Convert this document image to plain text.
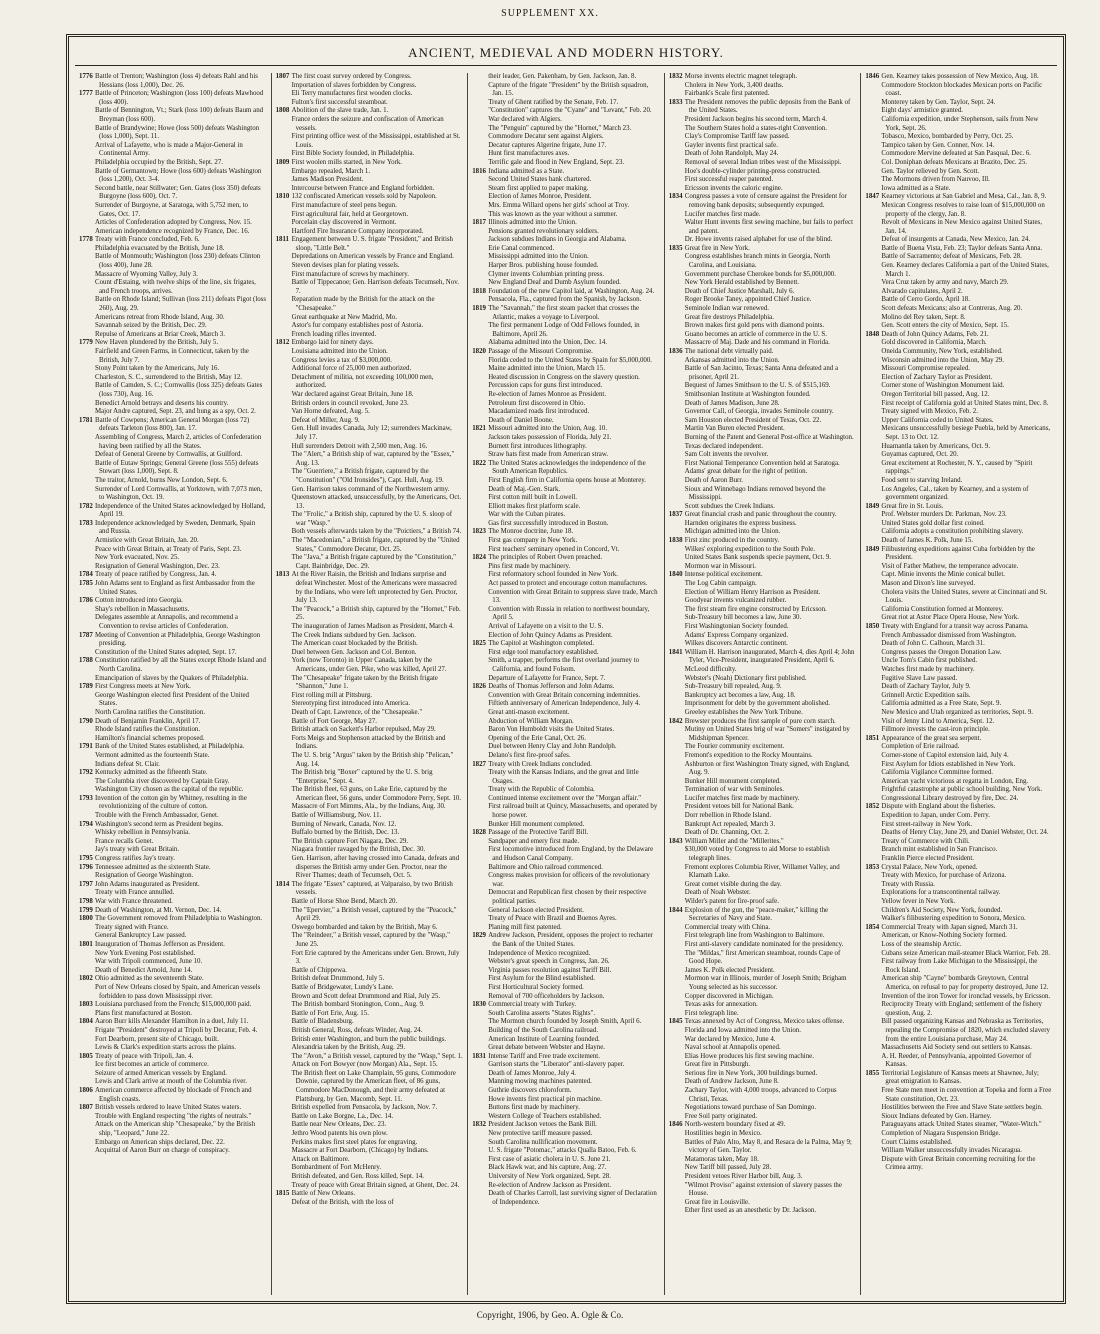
SUPPLEMENT XX.
ANCIENT, MEDIEVAL AND MODERN HISTORY.
1776 Battle of Trenton; Washington (loss 4) defeats Rahl and his Hessians (loss 1,000), Dec. 26.
1777 Battle of Princeton; Washington (loss 100) defeats Mawhood (loss 400).
Battle of Bennington, Vt.; Stark (loss 100) defeats Baum and Breyman (loss 600).
Battle of Brandywine; Howe (loss 500) defeats Washington (loss 1,000), Sept. 11.
Arrival of Lafayette, who is made a Major-General in Continental Army.
Philadelphia occupied by the British, Sept. 27.
Battle of Germantown; Howe (loss 600) defeats Washington (loss 1,200), Oct. 3-4.
Second battle, near Stillwater; Gen. Gates (loss 350) defeats Burgoyne (loss 600), Oct. 7.
Surrender of Burgoyne, at Saratoga, with 5,752 men, to Gates, Oct. 17.
Articles of Confederation adopted by Congress, Nov. 15.
American independence recognized by France, Dec. 16.
1778 Treaty with France concluded, Feb. 6.
Philadelphia evacuated by the British, June 18.
Battle of Monmouth; Washington (loss 230) defeats Clinton (loss 400), June 28.
Massacre of Wyoming Valley, July 3.
Count d'Estaing, with twelve ships of the line, six frigates, and French troops, arrives.
Battle on Rhode Island; Sullivan (loss 211) defeats Pigot (loss 260), Aug. 29.
Americans retreat from Rhode Island, Aug. 30.
Savannah seized by the British, Dec. 29.
Repulse of Americans at Briar Creek, March 3.
1779 New Haven plundered by the British, July 5.
Fairfield and Green Farms, in Connecticut, taken by the British, July 7.
Stony Point taken by the Americans, July 16.
Charleston, S. C., surrendered to the British, May 12.
Battle of Camden, S. C.; Cornwallis (loss 325) defeats Gates (loss 730), Aug. 16.
Benedict Arnold betrays and deserts his country.
Major Andre captured, Sept. 23, and hung as a spy, Oct. 2.
1781 Battle of Cowpens; American General Morgan (loss 72) defeats Tarleton (loss 800), Jan. 17.
Assembling of Congress, March 2, articles of Confederation having been ratified by all the States.
Defeat of General Greene by Cornwallis, at Guilford.
Battle of Eutaw Springs; General Greene (loss 555) defeats Stewart (loss 1,000), Sept. 8.
The traitor, Arnold, burns New London, Sept. 6.
Surrender of Lord Cornwallis, at Yorktown, with 7,073 men, to Washington, Oct. 19.
1782 Independence of the United States acknowledged by Holland, April 19.
1783 Independence acknowledged by Sweden, Denmark, Spain and Russia.
Armistice with Great Britain, Jan. 20.
Peace with Great Britain, at Treaty of Paris, Sept. 23.
New York evacuated, Nov. 25.
Resignation of General Washington, Dec. 23.
1784 Treaty of peace ratified by Congress, Jan. 4.
1785 John Adams sent to England as first Ambassador from the United States.
1786 Cotton introduced into Georgia.
Shay's rebellion in Massachusetts.
Delegates assemble at Annapolis, and recommend a Convention to revise articles of Confederation.
1787 Meeting of Convention at Philadelphia, George Washington presiding.
Constitution of the United States adopted, Sept. 17.
1788 Constitution ratified by all the States except Rhode Island and North Carolina.
Emancipation of slaves by the Quakers of Philadelphia.
1789 First Congress meets at New York.
George Washington elected first President of the United States.
North Carolina ratifies the Constitution.
1790 Death of Benjamin Franklin, April 17.
Rhode Island ratifies the Constitution.
Hamilton's financial schemes proposed.
1791 Bank of the United States established, at Philadelphia.
Vermont admitted as the fourteenth State.
Indians defeat St. Clair.
1792 Kentucky admitted as the fifteenth State.
The Columbia river discovered by Captain Gray.
Washington City chosen as the capital of the republic.
1793 Invention of the cotton gin by Whitney, resulting in the revolutionizing of the culture of cotton.
Trouble with the French Ambassador, Genet.
1794 Washington's second term as President begins.
Whisky rebellion in Pennsylvania.
France recalls Genet.
Jay's treaty with Great Britain.
1795 Congress ratifies Jay's treaty.
1796 Tennessee admitted as the sixteenth State.
Resignation of George Washington.
1797 John Adams inaugurated as President.
Treaty with France annulled.
1798 War with France threatened.
1799 Death of Washington, at Mt. Vernon, Dec. 14.
1800 The Government removed from Philadelphia to Washington.
Treaty signed with France.
General Bankruptcy Law passed.
1801 Inauguration of Thomas Jefferson as President.
New York Evening Post established.
War with Tripoli commenced, June 10.
Death of Benedict Arnold, June 14.
1802 Ohio admitted as the seventeenth State.
Port of New Orleans closed by Spain, and American vessels forbidden to pass down Mississippi river.
1803 Louisiana purchased from the French; $15,000,000 paid.
Plans first manufactured at Boston.
1804 Aaron Burr kills Alexander Hamilton in a duel, July 11.
Frigate "President" destroyed at Tripoli by Decatur, Feb. 4.
Fort Dearborn, present site of Chicago, built.
Lewis & Clark's expedition starts across the plains.
1805 Treaty of peace with Tripoli, Jan. 4.
Ice first becomes an article of commerce.
Seizure of armed American vessels by England.
Lewis and Clark arrive at mouth of the Columbia river.
1806 American commerce affected by blockade of French and English coasts.
1807 British vessels ordered to leave United States waters.
Trouble with England respecting "the rights of neutrals."
Attack on the American ship "Chesapeake," by the British ship, "Leopard," June 22.
Embargo on American ships declared, Dec. 22.
Acquittal of Aaron Burr on charge of conspiracy.
1807 The first coast survey ordered by Congress.
Importation of slaves forbidden by Congress.
Eli Terry manufactures first wooden clocks.
Fulton's first successful steamboat.
1808 Abolition of the slave trade, Jan. 1.
France orders the seizure and confiscation of American vessels.
First printing office west of the Mississippi, established at St. Louis.
First Bible Society founded, in Philadelphia.
1809 First woolen mills started, in New York.
Embargo repealed, March 1.
James Madison President.
Intercourse between France and England forbidden.
1810 132 confiscated American vessels sold by Napoleon.
First manufacture of steel pens begun.
First agricultural fair, held at Georgetown.
Porcelain clay discovered in Vermont.
Hartford Fire Insurance Company incorporated.
1811 Engagement between U. S. frigate "President," and British sloop, "Little Belt."
Depredations on American vessels by France and England.
Steven devises plan for plating vessels.
First manufacture of screws by machinery.
Battle of Tippecanoe; Gen. Harrison defeats Tecumseh, Nov. 7.
Reparation made by the British for the attack on the "Chesapeake."
Great earthquake at New Madrid, Mo.
Astor's fur company establishes post of Astoria.
French loading rifles invented.
1812 Embargo laid for ninety days.
Louisiana admitted into the Union.
Congress levies a tax of $3,000,000.
Additional force of 25,000 men authorized.
Detachment of militia, not exceeding 100,000 men, authorized.
War declared against Great Britain, June 18.
British orders in council revoked, June 23.
Van Horne defeated, Aug. 5.
Defeat of Miller, Aug. 9.
Gen. Hull invades Canada, July 12; surrenders Mackinaw, July 17.
Hull surrenders Detroit with 2,500 men, Aug. 16.
The "Alert," a British ship of war, captured by the "Essex," Aug. 13.
The "Guerriere," a British frigate, captured by the "Constitution" ("Old Ironsides"), Capt. Hull, Aug. 19.
Gen. Harrison takes command of the Northwestern army.
Queenstown attacked, unsuccessfully, by the Americans, Oct. 13.
The "Frolic," a British ship, captured by the U. S. sloop of war "Wasp."
Both vessels afterwards taken by the "Poictiers," a British 74.
The "Macedonian," a British frigate, captured by the "United States," Commodore Decatur, Oct. 25.
The "Java," a British frigate captured by the "Constitution," Capt. Bainbridge, Dec. 29.
1813 At the River Raisin, the British and Indians surprise and defeat Winchester. Most of the Americans were massacred by the Indians, who were left unprotected by Gen. Proctor, July 13.
The "Peacock," a British ship, captured by the "Hornet," Feb. 25.
The inauguration of James Madison as President, March 4.
The Creek Indians subdued by Gen. Jackson.
The American coast blockaded by the British.
Duel between Gen. Jackson and Col. Benton.
York (now Toronto) in Upper Canada, taken by the Americans, under Gen. Pike, who was killed, April 27.
The "Chesapeake" frigate taken by the British frigate "Shannon," June 1.
First rolling mill at Pittsburg.
Stereotyping first introduced into America.
Death of Capt. Lawrence, of the "Chesapeake."
Battle of Fort George, May 27.
British attack on Sackett's Harbor repulsed, May 29.
Forts Meigs and Stephenson attacked by the British and Indians.
The U. S. brig "Argus" taken by the British ship "Pelican," Aug. 14.
The British brig "Boxer" captured by the U. S. brig "Enterprise," Sept. 4.
The British fleet, 63 guns, on Lake Erie, captured by the American fleet, 56 guns, under Commodore Perry, Sept. 10.
Massacre of Fort Mimms, Ala., by the Indians, Aug. 30.
Battle of Williamsburg, Nov. 11.
Burning of Newark, Canada, Nov. 12.
Buffalo burned by the British, Dec. 13.
The British capture Fort Niagara, Dec. 29.
Niagara frontier ravaged by the British, Dec. 30.
Gen. Harrison, after having crossed into Canada, defeats and disperses the British army under Gen. Proctor, near the River Thames; death of Tecumseh, Oct. 5.
1814 The frigate "Essex" captured, at Valparaiso, by two British vessels.
Battle of Horse Shoe Bend, March 20.
The "Epervier," a British vessel, captured by the "Peacock," April 29.
Oswego bombarded and taken by the British, May 6.
The "Reindeer," a British vessel, captured by the "Wasp," June 25.
Fort Erie captured by the Americans under Gen. Brown, July 3.
Battle of Chippewa.
British defeat Drummond, July 5.
Battle of Bridgewater, Lundy's Lane.
Brown and Scott defeat Drummond and Rial, July 25.
The British bombard Stonington, Conn., Aug. 9.
Battle of Fort Erie, Aug. 15.
Battle of Bladensburg.
British General, Ross, defeats Winder, Aug. 24.
British enter Washington, and burn the public buildings.
Alexandria taken by the British, Aug. 29.
The "Avon," a British vessel, captured by the "Wasp," Sept. 1.
Attack on Fort Bowyer (now Morgan) Ala., Sept. 15.
The British fleet on Lake Champlain, 95 guns, Commodore Downie, captured by the American fleet, of 86 guns, Commodore MacDonough, and their army defeated at Plattsburg, by Gen. Macomb, Sept. 11.
British expelled from Pensacola, by Jackson, Nov. 7.
Battle on Lake Borgne, La., Dec. 14.
Battle near New Orleans, Dec. 23.
Jethro Wood patents his own plow.
Perkins makes first steel plates for engraving.
Massacre at Fort Dearborn, (Chicago) by Indians.
Attack on Baltimore.
Bombardment of Fort McHenry.
British defeated, and Gen. Ross killed, Sept. 14.
Treaty of peace with Great Britain signed, at Ghent, Dec. 24.
1815 Battle of New Orleans.
Defeat of the British, with the loss of
their leader, Gen. Pakenham, by Gen. Jackson, Jan. 8.
Capture of the frigate "President" by the British squadron, Jan. 15.
Treaty of Ghent ratified by the Senate, Feb. 17.
"Constitution" captures the "Cyane" and "Levant," Feb. 20.
War declared with Algiers.
The "Penguin" captured by the "Hornet," March 23.
Commodore Decatur sent against Algiers.
Decatur captures Algerine frigate, June 17.
Hunt first manufactures axes.
Terrific gale and flood in New England, Sept. 23.
1816 Indiana admitted as a State.
Second United States bank chartered.
Steam first applied to paper making.
Election of James Monroe, President.
Mrs. Emma Willard opens her girls' school at Troy.
This was known as the year without a summer.
1817 Illinois admitted into the Union.
Pensions granted revolutionary soldiers.
Jackson subdues Indians in Georgia and Alabama.
Erie Canal commenced.
Mississippi admitted into the Union.
Harper Bros. publishing house founded.
Clymer invents Columbian printing press.
New England Deaf and Dumb Asylum founded.
1818 Foundation of the new Capitol laid, at Washington, Aug. 24.
Pensacola, Fla., captured from the Spanish, by Jackson.
1819 The "Savannah," the first steam packet that crosses the Atlantic, makes a voyage to Liverpool.
The first permanent Lodge of Odd Fellows founded, in Baltimore, April 26.
Alabama admitted into the Union, Dec. 14.
1820 Passage of the Missouri Compromise.
Florida ceded to the United States by Spain for $5,000,000.
Maine admitted into the Union, March 15.
Heated discussion in Congress on the slavery question.
Percussion caps for guns first introduced.
Re-election of James Monroe as President.
Petroleum first discovered in Ohio.
Macadamized roads first introduced.
Death of Daniel Boone.
1821 Missouri admitted into the Union, Aug. 10.
Jackson takes possession of Florida, July 21.
Burnett first introduces lithography.
Straw hats first made from American straw.
1822 The United States acknowledges the independence of the South American Republics.
First English firm in California opens house at Monterey.
Death of Maj.-Gen. Stark.
First cotton mill built in Lowell.
Elliott makes first platform scale.
War with the Cuban pirates.
Gas first successfully introduced in Boston.
1823 The Monroe doctrine, June 18.
First gas company in New York.
First teachers' seminary opened in Concord, Vt.
1824 The principles of Robert Owen preached.
Pins first made by machinery.
First reformatory school founded in New York.
Act passed to protect and encourage cotton manufactures.
Convention with Great Britain to suppress slave trade, March 13.
Convention with Russia in relation to northwest boundary, April 5.
Arrival of Lafayette on a visit to the U. S.
Election of John Quincy Adams as President.
1825 The Capitol at Washington completed.
First edge tool manufactory established.
Smith, a trapper, performs the first overland journey to California, and found Folsom.
Departure of Lafayette for France, Sept. 7.
1826 Deaths of Thomas Jefferson and John Adams.
Convention with Great Britain concerning indemnities.
Fiftieth anniversary of American Independence, July 4.
Great anti-mason excitement.
Abduction of William Morgan.
Baron Von Humboldt visits the United States.
Opening of the Erie Canal, Oct. 26.
Duel between Henry Clay and John Randolph.
Delano's first fire-proof safes.
1827 Treaty with Creek Indians concluded.
Treaty with the Kansas Indians, and the great and little Osages.
Treaty with the Republic of Colombia.
Continued intense excitement over the "Morgan affair."
First railroad built at Quincy, Massachusetts, and operated by horse power.
Bunker Hill monument completed.
1828 Passage of the Protective Tariff Bill.
Sandpaper and emery first made.
First locomotive introduced from England, by the Delaware and Hudson Canal Company.
Baltimore and Ohio railroad commenced.
Congress makes provision for officers of the revolutionary war.
Democrat and Republican first chosen by their respective political parties.
General Jackson elected President.
Treaty of Peace with Brazil and Buenos Ayres.
Planing mill first patented.
1829 Andrew Jackson, President, opposes the project to recharter the Bank of the United States.
Independence of Mexico recognized.
Webster's great speech in Congress, Jan. 26.
Virginia passes resolution against Tariff Bill.
First Asylum for the Blind established.
First Horticultural Society formed.
Removal of 700 officeholders by Jackson.
1830 Commercial treaty with Turkey.
South Carolina asserts "States Rights".
The Mormon church founded by Joseph Smith, April 6.
Building of the South Carolina railroad.
American Institute of Learning founded.
Great debate between Webster and Hayne.
1831 Intense Tariff and Free trade excitement.
Garrison starts the "Liberator" anti-slavery paper.
Death of James Monroe, July 4.
Manning mowing machines patented.
Guthrie discovers chloroform.
Howe invents first practical pin machine.
Buttons first made by machinery.
Western College of Teachers established.
1832 President Jackson vetoes the Bank Bill.
New protective tariff measure passed.
South Carolina nullification movement.
U. S. frigate "Potomac," attacks Qualla Batoo, Feb. 6.
First case of asiatic cholera in U. S. June 21.
Black Hawk war, and his capture, Aug. 27.
University of New York organized, Sept. 28.
Re-election of Andrew Jackson as President.
Death of Charles Carroll, last surviving signer of Declaration of Independence.
1832 Morse invents electric magnet telegraph.
Cholera in New York, 3,400 deaths.
Fairbank's Scale first patented.
1833 The President removes the public deposits from the Bank of the United States.
President Jackson begins his second term, March 4.
The Southern States hold a states-right Convention.
Clay's Compromise Tariff law passed.
Gayler invents first practical safe.
Death of John Randolph, May 24.
Removal of several Indian tribes west of the Mississippi.
Hoe's double-cylinder printing-press constructed.
First successful reaper patented.
Ericsson invents the caloric engine.
1834 Congress passes a vote of censure against the President for removing bank deposits; subsequently expunged.
Lucifer matches first made.
Walter Hunt invents first sewing machine, but fails to perfect and patent.
Dr. Howe invents raised alphabet for use of the blind.
1835 Great fire in New York.
Congress establishes branch mints in Georgia, North Carolina, and Louisiana.
Government purchase Cherokee bonds for $5,000,000.
New York Herald established by Bennett.
Death of Chief Justice Marshall, July 6.
Roger Brooke Taney, appointed Chief Justice.
Seminole Indian war renewed.
Great fire destroys Philadelphia.
Brown makes first gold pens with diamond points.
Guano becomes an article of commerce in the U. S.
Massacre of Maj. Dade and his command in Florida.
1836 The national debt virtually paid.
Arkansas admitted into the Union.
Battle of San Jacinto, Texas; Santa Anna defeated and a prisoner, April 21.
Bequest of James Smithson to the U. S. of $515,169.
Smithsonian Institute at Washington founded.
Death of James Madison, June 28.
Governor Call, of Georgia, invades Seminole country.
Sam Houston elected President of Texas, Oct. 22.
Martin Van Buren elected President.
Burning of the Patent and General Post-office at Washington.
Texas declared independent.
Sam Colt invents the revolver.
First National Temperance Convention held at Saratoga.
Adams' great debate for the right of petition.
Death of Aaron Burr.
Sioux and Winnebago Indians removed beyond the Mississippi.
Scott subdues the Creek Indians.
1837 Great financial crash and panic throughout the country.
Harnden originates the express business.
Michigan admitted into the Union.
1838 First zinc produced in the country.
Wilkes' exploring expedition to the South Pole.
United States Bank suspends specie payment, Oct. 9.
Mormon war in Missouri.
1840 Intense political excitement.
The Log Cabin campaign.
Election of William Henry Harrison as President.
Goodyear invents vulcanized rubber.
The first steam fire engine constructed by Ericsson.
Sub-Treasury bill becomes a law, June 30.
First Washingtonian Society founded.
Adams' Express Company organized.
Wilkes discovers Antarctic continent.
1841 William H. Harrison inaugurated, March 4, dies April 4; John Tyler, Vice-President, inaugurated President, April 6.
McLeod difficulty.
Webster's (Noah) Dictionary first published.
Sub-Treasury bill repealed, Aug. 9.
Bankruptcy act becomes a law, Aug. 18.
Imprisonment for debt by the government abolished.
Greeley establishes the New York Tribune.
1842 Brewster produces the first sample of pure corn starch.
Mutiny on United States brig of war "Somers" instigated by Midshipman Spencer.
The Fourier community excitement.
Fremont's expedition to the Rocky Mountains.
Ashburton or first Washington Treaty signed, with England, Aug. 9.
Bunker Hill monument completed.
Termination of war with Seminoles.
Lucifer matches first made by machinery.
President vetoes bill for National Bank.
Dorr rebellion in Rhode Island.
Bankrupt Act repealed, March 3.
Death of Dr. Channing, Oct. 2.
1843 William Miller and the "Millerites."
$30,000 voted by Congress to aid Morse to establish telegraph lines.
Fremont explores Columbia River, Willamet Valley, and Klamath Lake.
Great comet visible during the day.
Death of Noah Webster.
Wilder's patent for fire-proof safe.
1844 Explosion of the gun, the "peace-maker," killing the Secretaries of Navy and State.
Commercial treaty with China.
First telegraph line from Washington to Baltimore.
First anti-slavery candidate nominated for the presidency.
The "Mildas," first American steamboat, rounds Cape of Good Hope.
James K. Polk elected President.
Mormon war in Illinois, murder of Joseph Smith; Brigham Young selected as his successor.
Copper discovered in Michigan.
Texas asks for annexation.
First telegraph line.
1845 Texas annexed by Act of Congress, Mexico takes offense.
Florida and Iowa admitted into the Union.
War declared by Mexico, June 4.
Naval school at Annapolis opened.
Elias Howe produces his first sewing machine.
Great fire in Pittsburgh.
Serious fire in New York, 300 buildings burned.
Death of Andrew Jackson, June 8.
Zachary Taylor, with 4,000 troops, advanced to Corpus Christi, Texas.
Negotiations toward purchase of San Domingo.
Free Soil party originated.
1846 North-western boundary fixed at 49.
Hostilities begin in Mexico.
Battles of Palo Alto, May 8, and Resaca de la Palma, May 9; victory of Gen. Taylor.
Matamoras taken, May 18.
New Tariff bill passed, July 28.
President vetoes River Harbor bill, Aug. 3.
"Wilmot Proviso" against extension of slavery passes the House.
Great fire in Louisville.
Ether first used as an anesthetic by Dr. Jackson.
1846 Gen. Kearney takes possession of New Mexico, Aug. 18.
Commodore Stockton blockades Mexican ports on Pacific coast.
Monterey taken by Gen. Taylor, Sept. 24.
Eight days' armistice granted.
California expedition, under Stephenson, sails from New York, Sept. 26.
Tobasco, Mexico, bombarded by Perry, Oct. 25.
Tampico taken by Gen. Conner, Nov. 14.
Commodore Mervine defeated at San Pasqual, Dec. 6.
Col. Doniphan defeats Mexicans at Brazito, Dec. 25.
Gen. Taylor relieved by Gen. Scott.
The Mormons driven from Nauvoo, Ill.
Iowa admitted as a State.
1847 Kearney victorious at San Gabriel and Mesa, Cal., Jan. 8, 9.
Mexican Congress resolves to raise loan of $15,000,000 on property of the clergy, Jan. 8.
Revolt of Mexicans in New Mexico against United States, Jan. 14.
Defeat of insurgents at Canada, New Mexico, Jan. 24.
Battle of Buena Vista, Feb. 23; Taylor defeats Santa Anna.
Battle of Sacramento; defeat of Mexicans, Feb. 28.
Gen. Kearney declares California a part of the United States, March 1.
Vera Cruz taken by army and navy, March 29.
Alvarado capitulates, April 2.
Battle of Cerro Gordo, April 18.
Scott defeats Mexicans; also at Contreras, Aug. 20.
Molino del Rey taken, Sept. 8.
Gen. Scott enters the city of Mexico, Sept. 15.
1848 Death of John Quincy Adams, Feb. 21.
Gold discovered in California, March.
Oneida Community, New York, established.
Wisconsin admitted into the Union, May 29.
Missouri Compromise repealed.
Election of Zachary Taylor as President.
Corner stone of Washington Monument laid.
Oregon Territorial bill passed, Aug. 12.
First receipt of California gold at United States mint, Dec. 8.
Treaty signed with Mexico, Feb. 2.
Upper California ceded to United States.
Mexicans unsuccessfully besiege Puebla, held by Americans, Sept. 13 to Oct. 12.
Huamantla taken by Americans, Oct. 9.
Guyamas captured, Oct. 20.
Great excitement at Rochester, N. Y., caused by "Spirit rappings."
Food sent to starving Ireland.
Los Angeles, Cal., taken by Kearney, and a system of government organized.
1849 Great fire in St. Louis.
Prof. Webster murders Dr. Parkman, Nov. 23.
United States gold dollar first coined.
California adopts a constitution prohibiting slavery.
Death of James K. Polk, June 15.
1849 Filibustering expeditions against Cuba forbidden by the President.
Visit of Father Mathew, the temperance advocate.
Capt. Minie invents the Minie conical bullet.
Mason and Dixon's line surveyed.
Cholera visits the United States, severe at Cincinnati and St. Louis.
California Constitution formed at Monterey.
Great riot at Astor Place Opera House, New York.
1850 Treaty with England for a transit way across Panama.
French Ambassador dismissed from Washington.
Death of John C. Calhoun, March 31.
Congress passes the Oregon Donation Law.
Uncle Tom's Cabin first published.
Watches first made by machinery.
Fugitive Slave Law passed.
Death of Zachary Taylor, July 9.
Grinnell Arctic Expedition sails.
California admitted as a Free State, Sept. 9.
New Mexico and Utah organized as territories, Sept. 9.
Visit of Jenny Lind to America, Sept. 12.
Fillmore invests the cast-iron principle.
1851 Appearance of the great sea serpent.
Completion of Erie railroad.
Corner-stone of Capitol extension laid, July 4.
First Asylum for Idiots established in New York.
California Vigilance Committee formed.
American yacht victorious at regatta in London, Eng.
Frightful catastrophe at public school building, New York.
Congressional Library destroyed by fire, Dec. 24.
1852 Dispute with England about the fisheries.
Expedition to Japan, under Com. Perry.
First street-railway in New York.
Deaths of Henry Clay, June 29, and Daniel Webster, Oct. 24.
Treaty of Commerce with Chili.
Branch mint established in San Francisco.
Franklin Pierce elected President.
1853 Crystal Palace, New York, opened.
Treaty with Mexico, for purchase of Arizona.
Treaty with Russia.
Explorations for a transcontinental railway.
Yellow fever in New York.
Children's Aid Society, New York, founded.
Walker's filibustering expedition to Sonora, Mexico.
1854 Commercial Treaty with Japan signed, March 31.
American, or Know-Nothing Society formed.
Loss of the steamship Arctic.
Cubans seize American mail-steamer Black Warrior, Feb. 28.
First railway from Lake Michigan to the Mississippi, the Rock Island.
American ship "Cayne" bombards Greytown, Central America, on refusal to pay for property destroyed, June 12.
Invention of the iron Tower for ironclad vessels, by Ericsson.
Reciprocity Treaty with England; settlement of the fishery question, Aug. 2.
Bill passed organizing Kansas and Nebraska as Territories, repealing the Compromise of 1820, which excluded slavery from the entire Louisiana purchase, May 24.
Massachusetts Aid Society send out settlers to Kansas.
A. H. Reeder, of Pennsylvania, appointed Governor of Kansas.
1855 Territorial Legislature of Kansas meets at Shawnee, July; great emigration to Kansas.
Free State men meet in convention at Topeka and form a Free State constitution, Oct. 23.
Hostilities between the Free and Slave State settlers begin.
Sioux Indians defeated by Gen. Harney.
Paraguayans attack United States steamer, "Water-Witch."
Completion of Niagara Suspension Bridge.
Court Claims established.
William Walker unsuccessfully invades Nicaragua.
Dispute with Great Britain concerning recruiting for the Crimea army.
Copyright, 1906, by Geo. A. Ogle & Co.
